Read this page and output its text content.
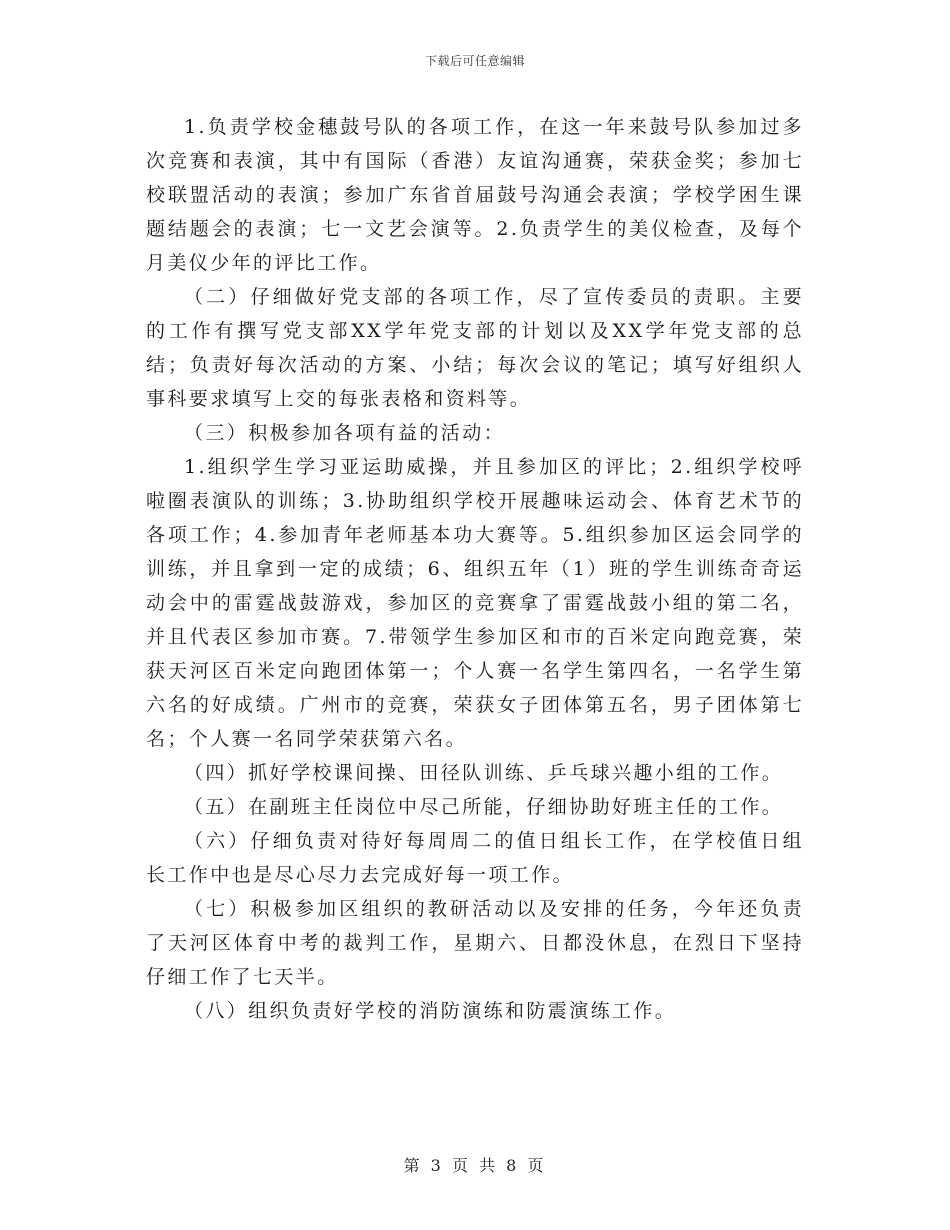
下载后可任意编辑

1.负责学校金穗鼓号队的各项工作，在这一年来鼓号队参加过多次竞赛和表演，其中有国际（香港）友谊沟通赛，荣获金奖；参加七校联盟活动的表演；参加广东省首届鼓号沟通会表演；学校学困生课题结题会的表演；七一文艺会演等。2.负责学生的美仪检查，及每个月美仪少年的评比工作。

（二）仔细做好党支部的各项工作，尽了宣传委员的责职。主要的工作有撰写党支部XX学年党支部的计划以及XX学年党支部的总结；负责好每次活动的方案、小结；每次会议的笔记；填写好组织人事科要求填写上交的每张表格和资料等。

（三）积极参加各项有益的活动：

1.组织学生学习亚运助威操，并且参加区的评比；2.组织学校呼啦圈表演队的训练；3.协助组织学校开展趣味运动会、体育艺术节的各项工作；4.参加青年老师基本功大赛等。5.组织参加区运会同学的训练，并且拿到一定的成绩；6、组织五年（1）班的学生训练奇奇运动会中的雷霆战鼓游戏，参加区的竞赛拿了雷霆战鼓小组的第二名，并且代表区参加市赛。7.带领学生参加区和市的百米定向跑竞赛，荣获天河区百米定向跑团体第一；个人赛一名学生第四名，一名学生第六名的好成绩。广州市的竞赛，荣获女子团体第五名，男子团体第七名；个人赛一名同学荣获第六名。

（四）抓好学校课间操、田径队训练、乒乓球兴趣小组的工作。

（五）在副班主任岗位中尽己所能，仔细协助好班主任的工作。

（六）仔细负责对待好每周周二的值日组长工作，在学校值日组长工作中也是尽心尽力去完成好每一项工作。

（七）积极参加区组织的教研活动以及安排的任务，今年还负责了天河区体育中考的裁判工作，星期六、日都没休息，在烈日下坚持仔细工作了七天半。

（八）组织负责好学校的消防演练和防震演练工作。

第 3 页 共 8 页
